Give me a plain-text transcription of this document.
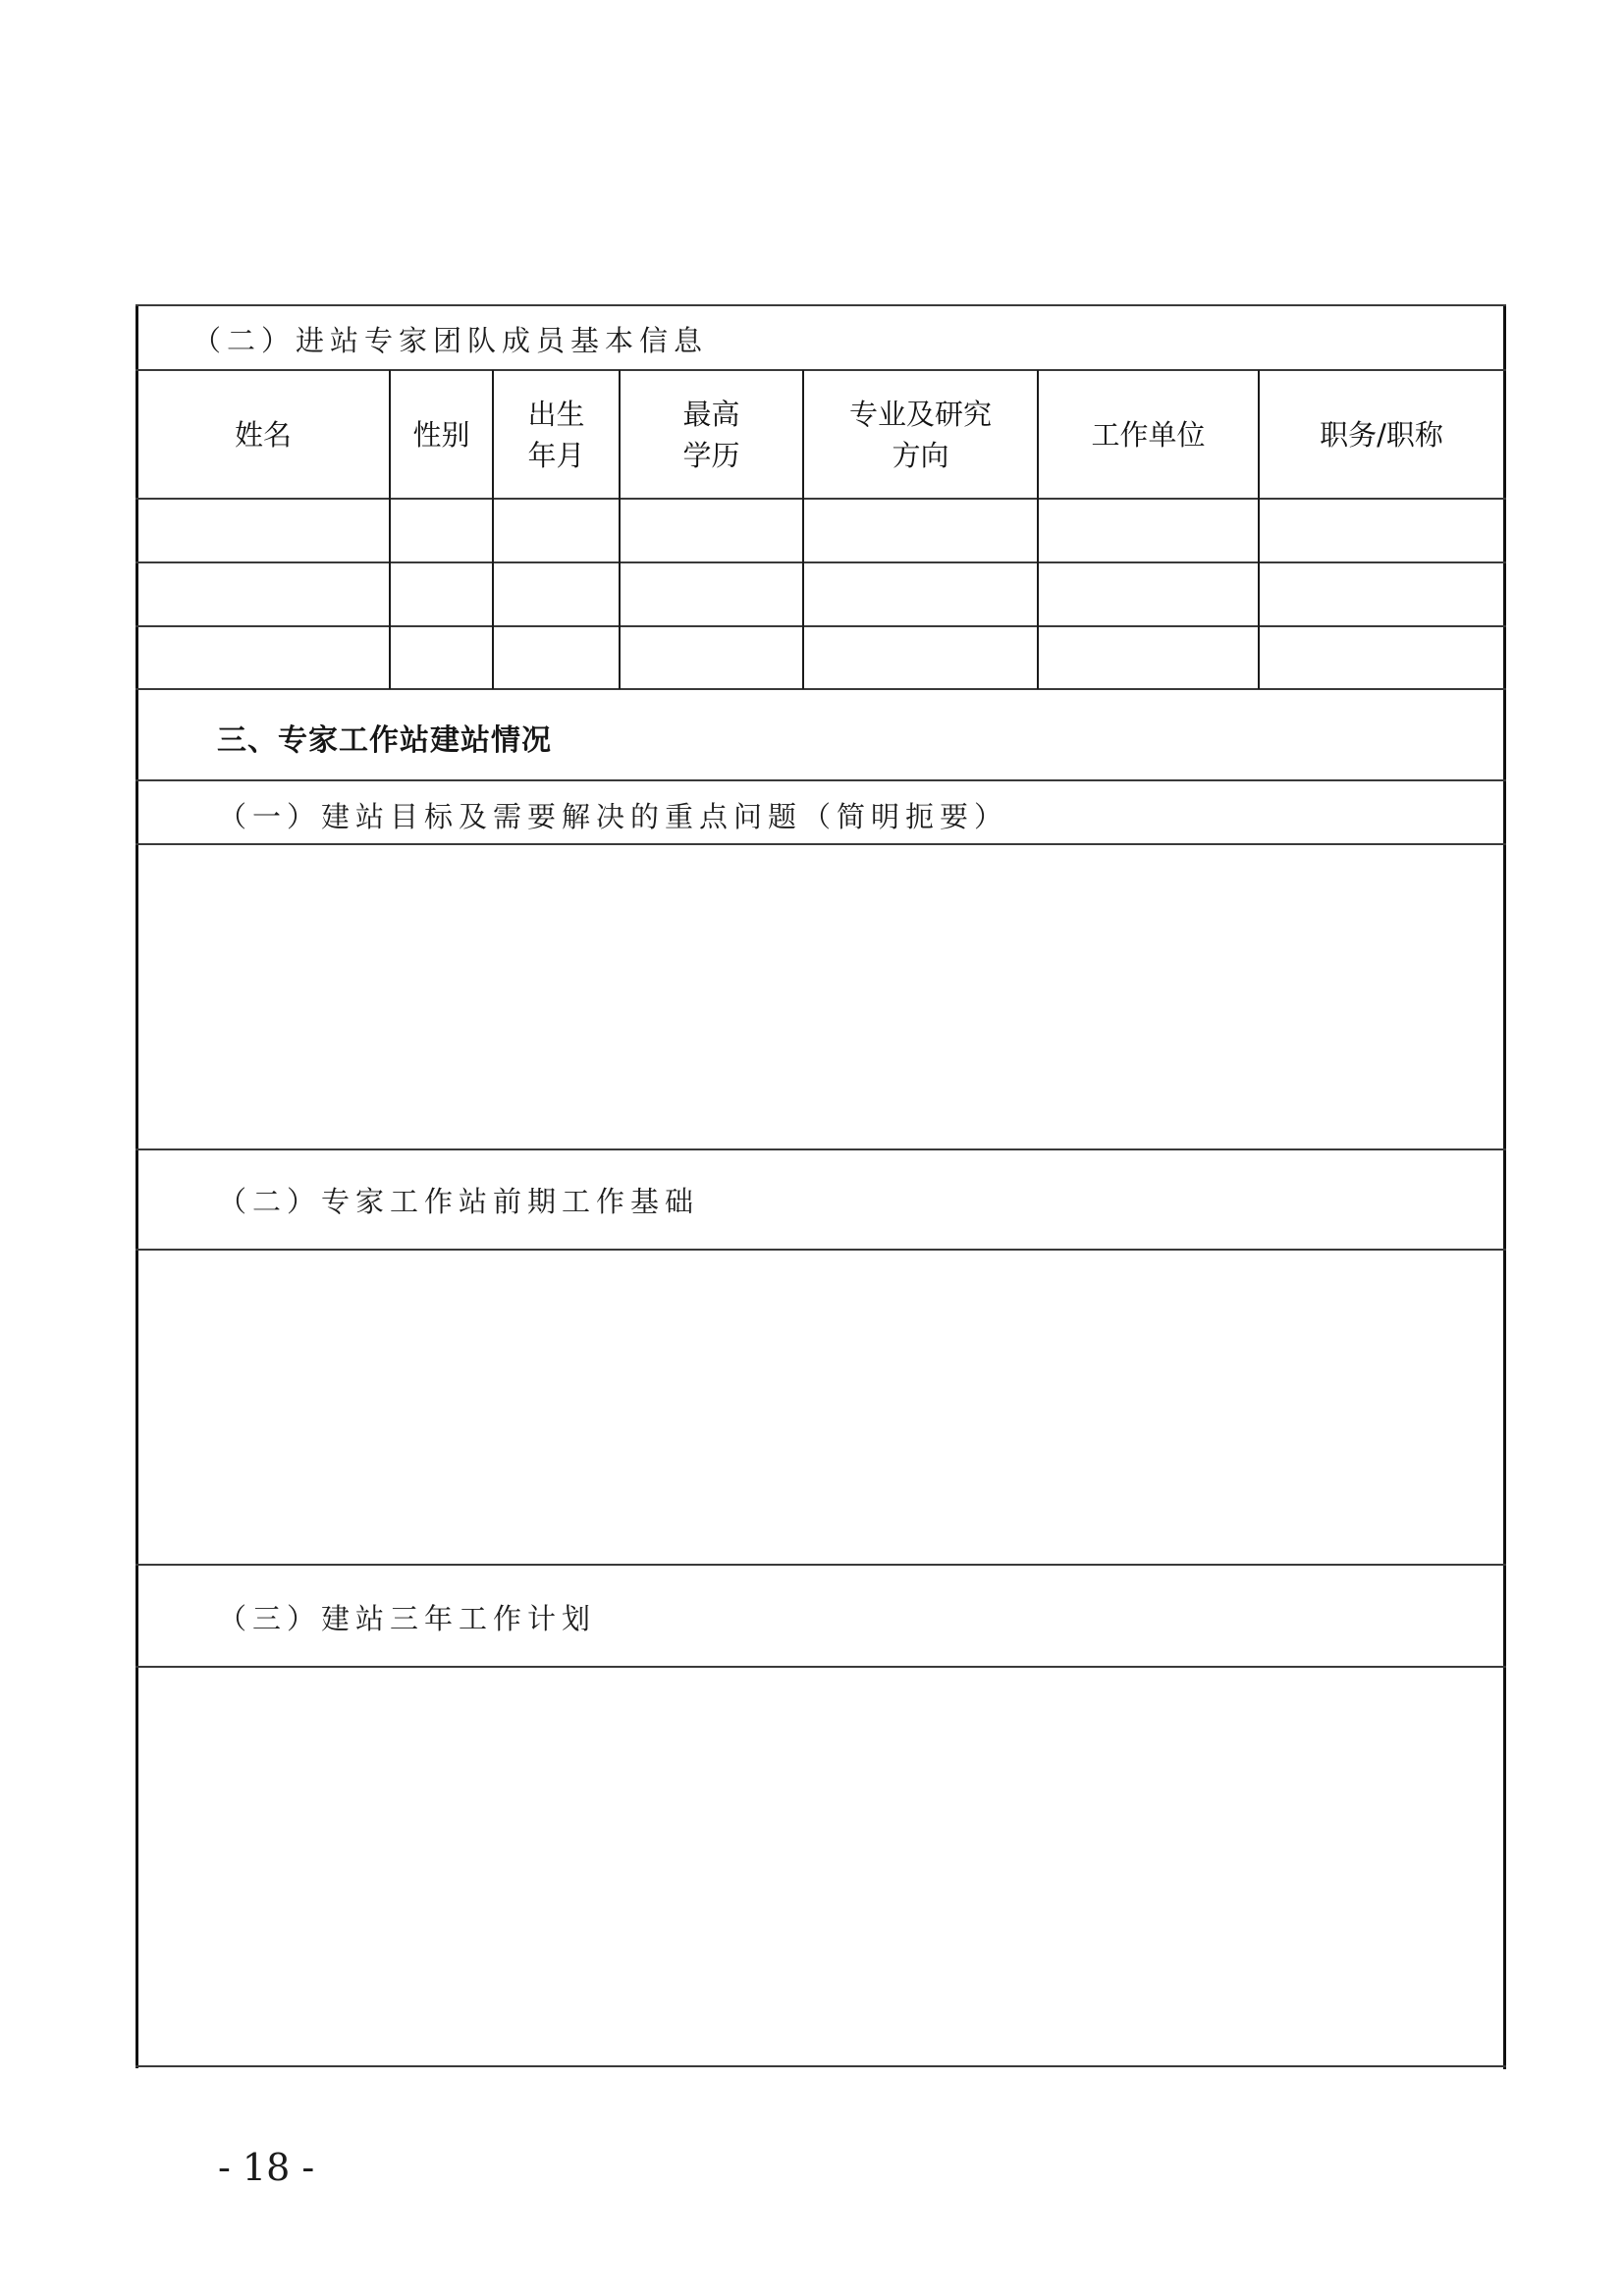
（二）进站专家团队成员基本信息
姓名	性别
出生
年月
最高
学历
专业及研究
方向
工作单位	职务/职称
三、专家工作站建站情况
（一）建站目标及需要解决的重点问题（简明扼要）
（二）专家工作站前期工作基础
（三）建站三年工作计划
- 18 -
